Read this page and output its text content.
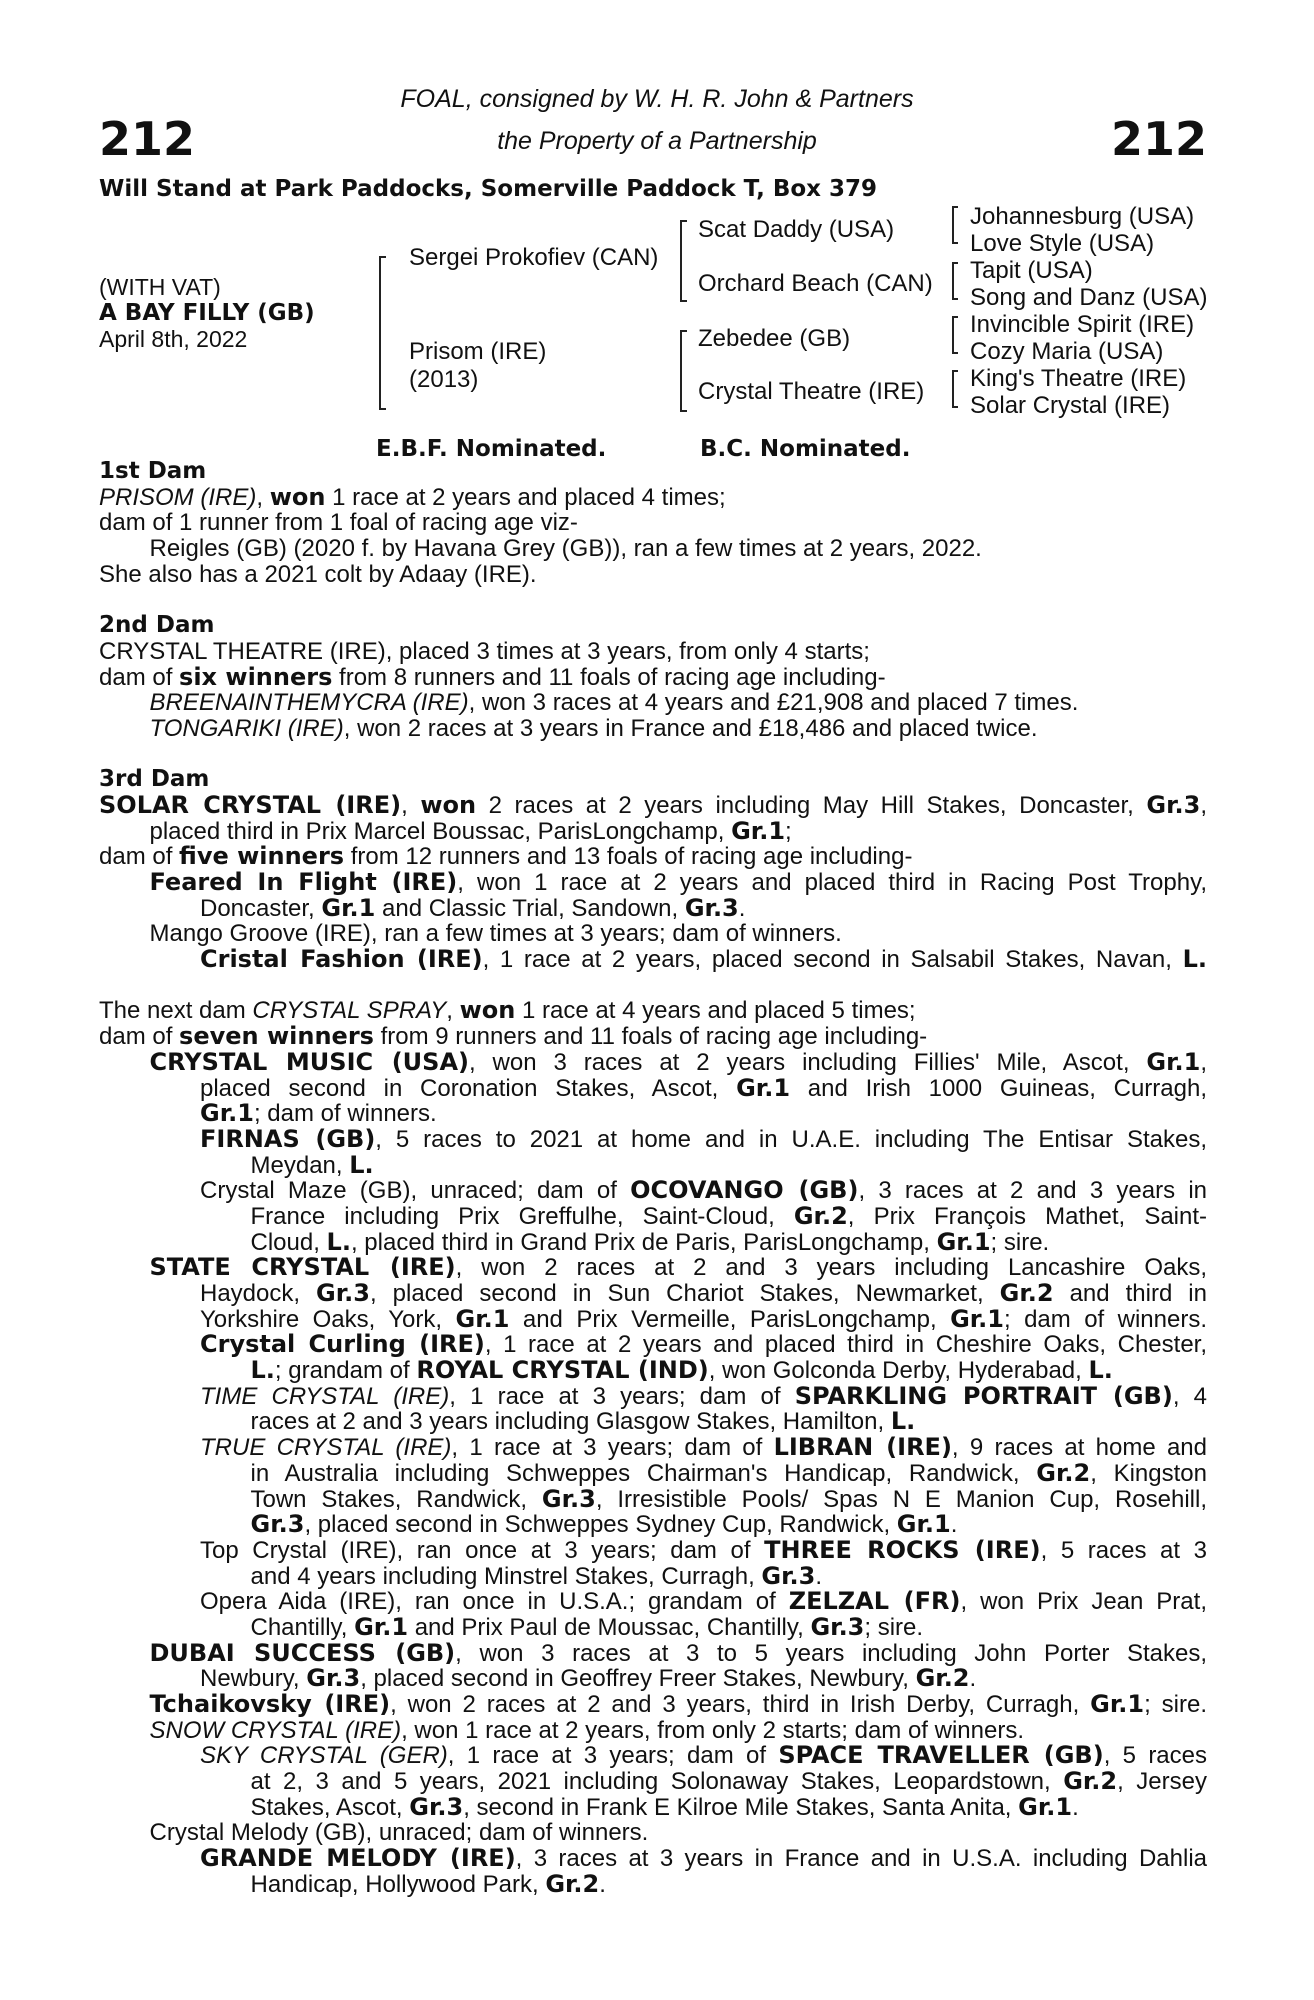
212	212
FOAL, consigned by W. H. R. John & Partners
the Property of a Partnership
Will Stand at Park Paddocks, Somerville Paddock T, Box 379
(WITH VAT)
A BAY FILLY (GB)
April 8th, 2022
Sergei Prokofiev (CAN)
Prisom (IRE)
(2013)
Scat Daddy (USA)
Orchard Beach (CAN)
Zebedee (GB)
Crystal Theatre (IRE)
Johannesburg (USA)
Love Style (USA)
Tapit (USA)
Song and Danz (USA)
Invincible Spirit (IRE)
Cozy Maria (USA)
King's Theatre (IRE)
Solar Crystal (IRE)
E.B.F. Nominated.	B.C. Nominated.
1st Dam
PRISOM (IRE), won 1 race at 2 years and placed 4 times;
dam of 1 runner from 1 foal of racing age viz-
Reigles (GB) (2020 f. by Havana Grey (GB)), ran a few times at 2 years, 2022.
She also has a 2021 colt by Adaay (IRE).
2nd Dam
CRYSTAL THEATRE (IRE), placed 3 times at 3 years, from only 4 starts;
dam of six winners from 8 runners and 11 foals of racing age including-
BREENAINTHEMYCRA (IRE), won 3 races at 4 years and £21,908 and placed 7 times.
TONGARIKI (IRE), won 2 races at 3 years in France and £18,486 and placed twice.
3rd Dam
SOLAR CRYSTAL (IRE), won 2 races at 2 years including May Hill Stakes, Doncaster, Gr.3,
placed third in Prix Marcel Boussac, ParisLongchamp, Gr.1;
dam of five winners from 12 runners and 13 foals of racing age including-
Feared In Flight (IRE), won 1 race at 2 years and placed third in Racing Post Trophy,
Doncaster, Gr.1 and Classic Trial, Sandown, Gr.3.
Mango Groove (IRE), ran a few times at 3 years; dam of winners.
Cristal Fashion (IRE), 1 race at 2 years, placed second in Salsabil Stakes, Navan, L.
The next dam CRYSTAL SPRAY, won 1 race at 4 years and placed 5 times;
dam of seven winners from 9 runners and 11 foals of racing age including-
CRYSTAL MUSIC (USA), won 3 races at 2 years including Fillies' Mile, Ascot, Gr.1,
placed second in Coronation Stakes, Ascot, Gr.1 and Irish 1000 Guineas, Curragh,
Gr.1; dam of winners.
FIRNAS (GB), 5 races to 2021 at home and in U.A.E. including The Entisar Stakes,
Meydan, L.
Crystal Maze (GB), unraced; dam of OCOVANGO (GB), 3 races at 2 and 3 years in
France including Prix Greffulhe, Saint-Cloud, Gr.2, Prix François Mathet, Saint-
Cloud, L., placed third in Grand Prix de Paris, ParisLongchamp, Gr.1; sire.
STATE CRYSTAL (IRE), won 2 races at 2 and 3 years including Lancashire Oaks,
Haydock, Gr.3, placed second in Sun Chariot Stakes, Newmarket, Gr.2 and third in
Yorkshire Oaks, York, Gr.1 and Prix Vermeille, ParisLongchamp, Gr.1; dam of winners.
Crystal Curling (IRE), 1 race at 2 years and placed third in Cheshire Oaks, Chester,
L.; grandam of ROYAL CRYSTAL (IND), won Golconda Derby, Hyderabad, L.
TIME CRYSTAL (IRE), 1 race at 3 years; dam of SPARKLING PORTRAIT (GB), 4
races at 2 and 3 years including Glasgow Stakes, Hamilton, L.
TRUE CRYSTAL (IRE), 1 race at 3 years; dam of LIBRAN (IRE), 9 races at home and
in Australia including Schweppes Chairman's Handicap, Randwick, Gr.2, Kingston
Town Stakes, Randwick, Gr.3, Irresistible Pools/ Spas N E Manion Cup, Rosehill,
Gr.3, placed second in Schweppes Sydney Cup, Randwick, Gr.1.
Top Crystal (IRE), ran once at 3 years; dam of THREE ROCKS (IRE), 5 races at 3
and 4 years including Minstrel Stakes, Curragh, Gr.3.
Opera Aida (IRE), ran once in U.S.A.; grandam of ZELZAL (FR), won Prix Jean Prat,
Chantilly, Gr.1 and Prix Paul de Moussac, Chantilly, Gr.3; sire.
DUBAI SUCCESS (GB), won 3 races at 3 to 5 years including John Porter Stakes,
Newbury, Gr.3, placed second in Geoffrey Freer Stakes, Newbury, Gr.2.
Tchaikovsky (IRE), won 2 races at 2 and 3 years, third in Irish Derby, Curragh, Gr.1; sire.
SNOW CRYSTAL (IRE), won 1 race at 2 years, from only 2 starts; dam of winners.
SKY CRYSTAL (GER), 1 race at 3 years; dam of SPACE TRAVELLER (GB), 5 races
at 2, 3 and 5 years, 2021 including Solonaway Stakes, Leopardstown, Gr.2, Jersey
Stakes, Ascot, Gr.3, second in Frank E Kilroe Mile Stakes, Santa Anita, Gr.1.
Crystal Melody (GB), unraced; dam of winners.
GRANDE MELODY (IRE), 3 races at 3 years in France and in U.S.A. including Dahlia
Handicap, Hollywood Park, Gr.2.
